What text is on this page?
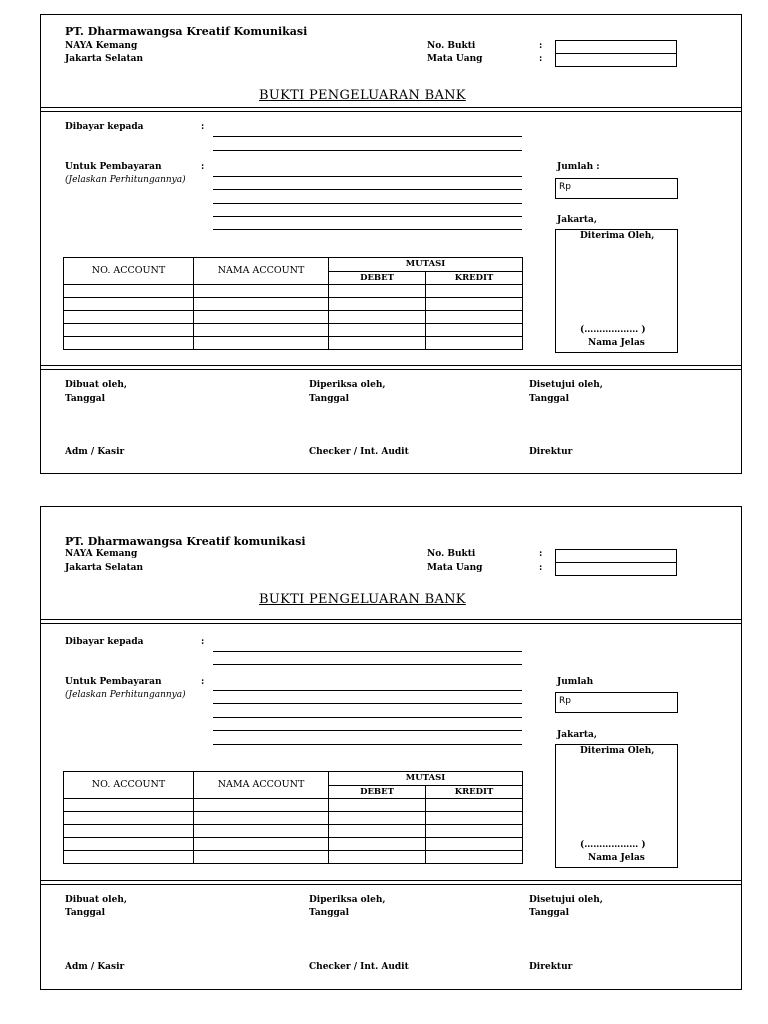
PT. Dharmawangsa Kreatif Komunikasi
NAYA Kemang
Jakarta Selatan
No. Bukti	:
Mata Uang	:
BUKTI PENGELUARAN BANK
Dibayar kepada	:
Untuk Pembayaran	:
(Jelaskan Perhitungannya)
Jumlah :
Rp
Jakarta,
Diterima Oleh,
(……………… )
Nama Jelas
NO. ACCOUNT	NAMA ACCOUNT	MUTASI	
		DEBET	KREDIT

Dibuat oleh,
Tanggal
Diperiksa oleh,
Tanggal
Disetujui oleh,
Tanggal
Adm / Kasir	Checker / Int. Audit	Direktur
PT. Dharmawangsa Kreatif komunikasi
NAYA Kemang
Jakarta Selatan
No. Bukti	:
Mata Uang	:
BUKTI PENGELUARAN BANK
Dibayar kepada	:
Untuk Pembayaran	:
(Jelaskan Perhitungannya)
Jumlah
Rp
Jakarta,
Diterima Oleh,
(……………… )
Nama Jelas
NO. ACCOUNT	NAMA ACCOUNT	MUTASI	
		DEBET	KREDIT

Dibuat oleh,
Tanggal
Diperiksa oleh,
Tanggal
Disetujui oleh,
Tanggal
Adm / Kasir	Checker / Int. Audit	Direktur
